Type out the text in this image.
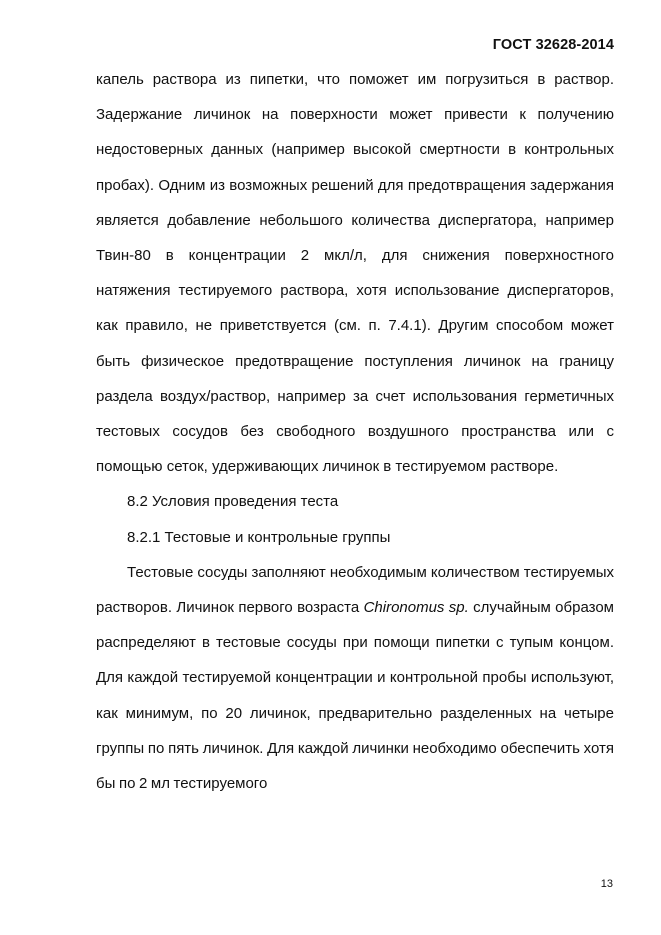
ГОСТ 32628-2014

капель раствора из пипетки, что поможет им погрузиться в раствор. Задержание личинок на поверхности может привести к получению недостоверных данных (например высокой смертности в контрольных пробах). Одним из возможных решений для предотвращения задержания является добавление небольшого количества диспергатора, например Твин-80 в концентрации 2 мкл/л, для снижения поверхностного натяжения тестируемого раствора, хотя использование диспергаторов, как правило, не приветствуется (см. п. 7.4.1). Другим способом может быть физическое предотвращение поступления личинок на границу раздела воздух/раствор, например за счет использования герметичных тестовых сосудов без свободного воздушного пространства или с помощью сеток, удерживающих личинок в тестируемом растворе.

8.2 Условия проведения теста

8.2.1 Тестовые и контрольные группы

Тестовые сосуды заполняют необходимым количеством тестируемых растворов. Личинок первого возраста Chironomus sp. случайным образом распределяют в тестовые сосуды при помощи пипетки с тупым концом. Для каждой тестируемой концентрации и контрольной пробы используют, как минимум, по 20 личинок, предварительно разделенных на четыре группы по пять личинок. Для каждой личинки необходимо обеспечить хотя бы по 2 мл тестируемого

13
